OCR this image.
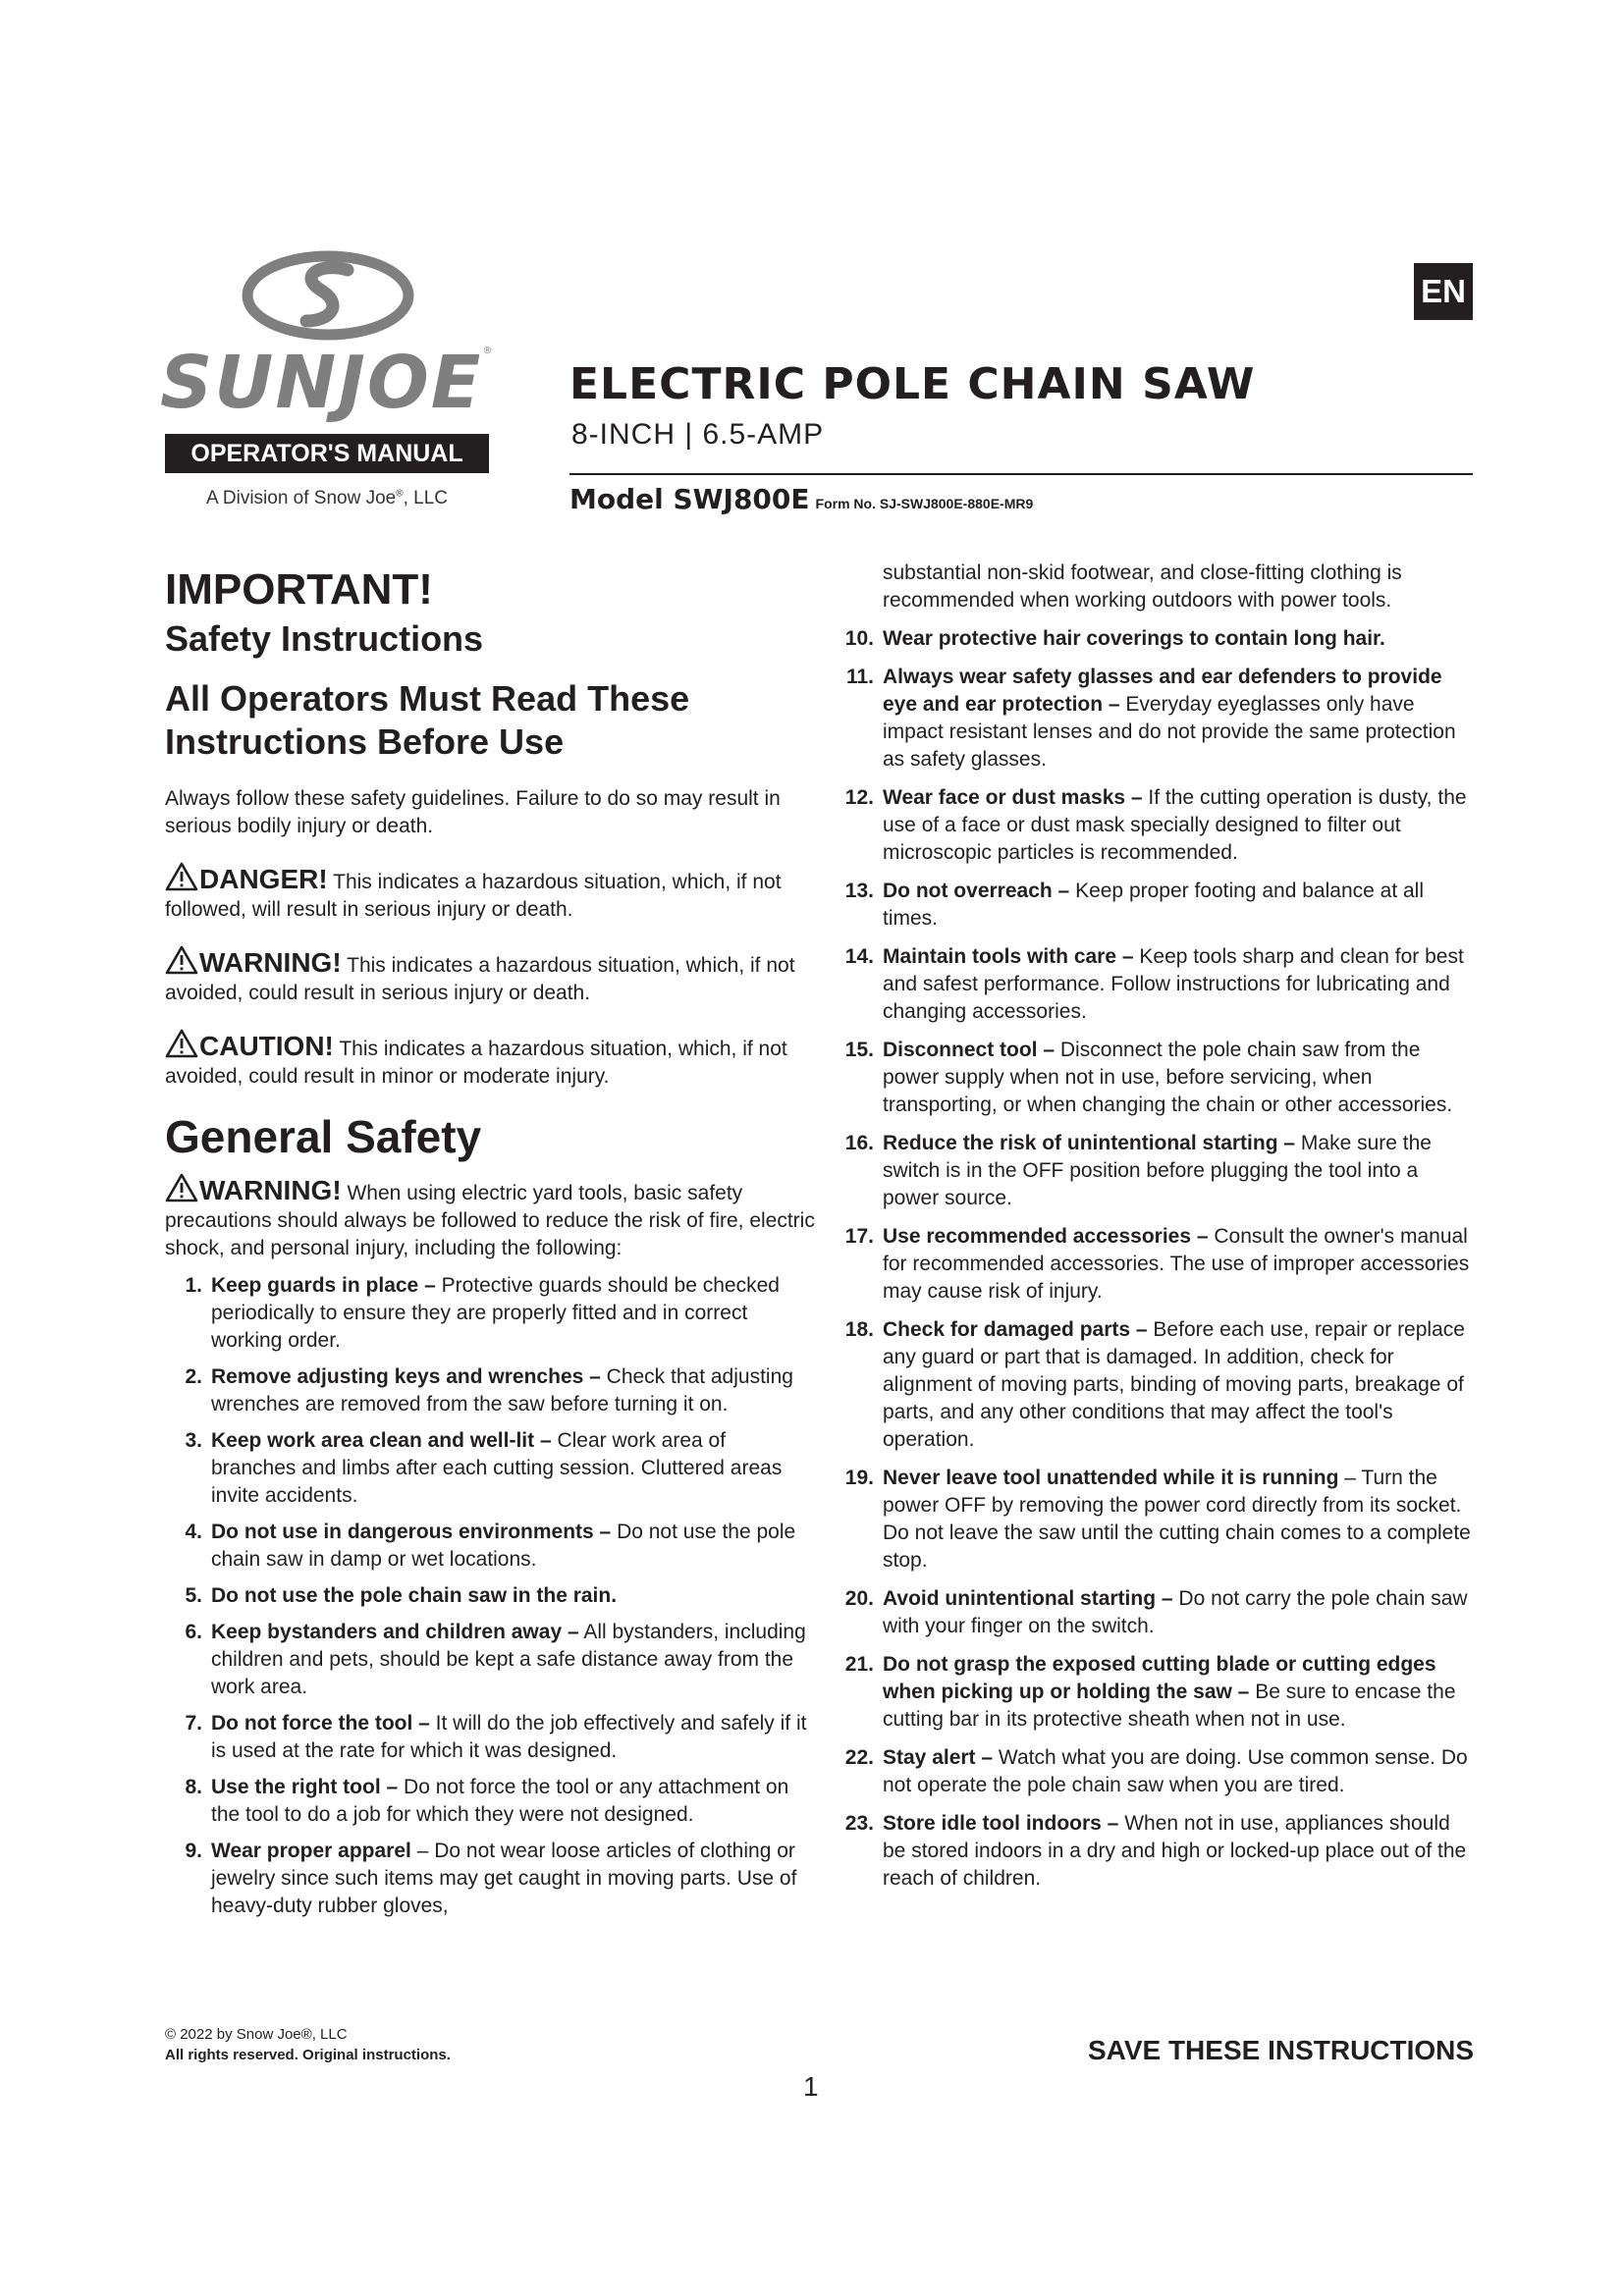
SUNJOE®
OPERATOR'S MANUAL
A Division of Snow Joe®, LLC
EN
ELECTRIC POLE CHAIN SAW
8-INCH | 6.5-AMP
Model SWJ800E Form No. SJ-SWJ800E-880E-MR9
IMPORTANT!
Safety Instructions
All Operators Must Read These Instructions Before Use

Always follow these safety guidelines. Failure to do so may result in serious bodily injury or death.

DANGER! This indicates a hazardous situation, which, if not followed, will result in serious injury or death.

WARNING! This indicates a hazardous situation, which, if not avoided, could result in serious injury or death.

CAUTION! This indicates a hazardous situation, which, if not avoided, could result in minor or moderate injury.

General Safety

WARNING! When using electric yard tools, basic safety precautions should always be followed to reduce the risk of fire, electric shock, and personal injury, including the following:

1. Keep guards in place – Protective guards should be checked periodically to ensure they are properly fitted and in correct working order.
2. Remove adjusting keys and wrenches – Check that adjusting wrenches are removed from the saw before turning it on.
3. Keep work area clean and well-lit – Clear work area of branches and limbs after each cutting session. Cluttered areas invite accidents.
4. Do not use in dangerous environments – Do not use the pole chain saw in damp or wet locations.
5. Do not use the pole chain saw in the rain.
6. Keep bystanders and children away – All bystanders, including children and pets, should be kept a safe distance away from the work area.
7. Do not force the tool – It will do the job effectively and safely if it is used at the rate for which it was designed.
8. Use the right tool – Do not force the tool or any attachment on the tool to do a job for which they were not designed.
9. Wear proper apparel – Do not wear loose articles of clothing or jewelry since such items may get caught in moving parts. Use of heavy-duty rubber gloves,

substantial non-skid footwear, and close-fitting clothing is recommended when working outdoors with power tools.

10. Wear protective hair coverings to contain long hair.
11. Always wear safety glasses and ear defenders to provide eye and ear protection – Everyday eyeglasses only have impact resistant lenses and do not provide the same protection as safety glasses.
12. Wear face or dust masks – If the cutting operation is dusty, the use of a face or dust mask specially designed to filter out microscopic particles is recommended.
13. Do not overreach – Keep proper footing and balance at all times.
14. Maintain tools with care – Keep tools sharp and clean for best and safest performance. Follow instructions for lubricating and changing accessories.
15. Disconnect tool – Disconnect the pole chain saw from the power supply when not in use, before servicing, when transporting, or when changing the chain or other accessories.
16. Reduce the risk of unintentional starting – Make sure the switch is in the OFF position before plugging the tool into a power source.
17. Use recommended accessories – Consult the owner's manual for recommended accessories. The use of improper accessories may cause risk of injury.
18. Check for damaged parts – Before each use, repair or replace any guard or part that is damaged. In addition, check for alignment of moving parts, binding of moving parts, breakage of parts, and any other conditions that may affect the tool's operation.
19. Never leave tool unattended while it is running – Turn the power OFF by removing the power cord directly from its socket. Do not leave the saw until the cutting chain comes to a complete stop.
20. Avoid unintentional starting – Do not carry the pole chain saw with your finger on the switch.
21. Do not grasp the exposed cutting blade or cutting edges when picking up or holding the saw – Be sure to encase the cutting bar in its protective sheath when not in use.
22. Stay alert – Watch what you are doing. Use common sense. Do not operate the pole chain saw when you are tired.
23. Store idle tool indoors – When not in use, appliances should be stored indoors in a dry and high or locked-up place out of the reach of children.
© 2022 by Snow Joe®, LLC
All rights reserved. Original instructions.	SAVE THESE INSTRUCTIONS
1
